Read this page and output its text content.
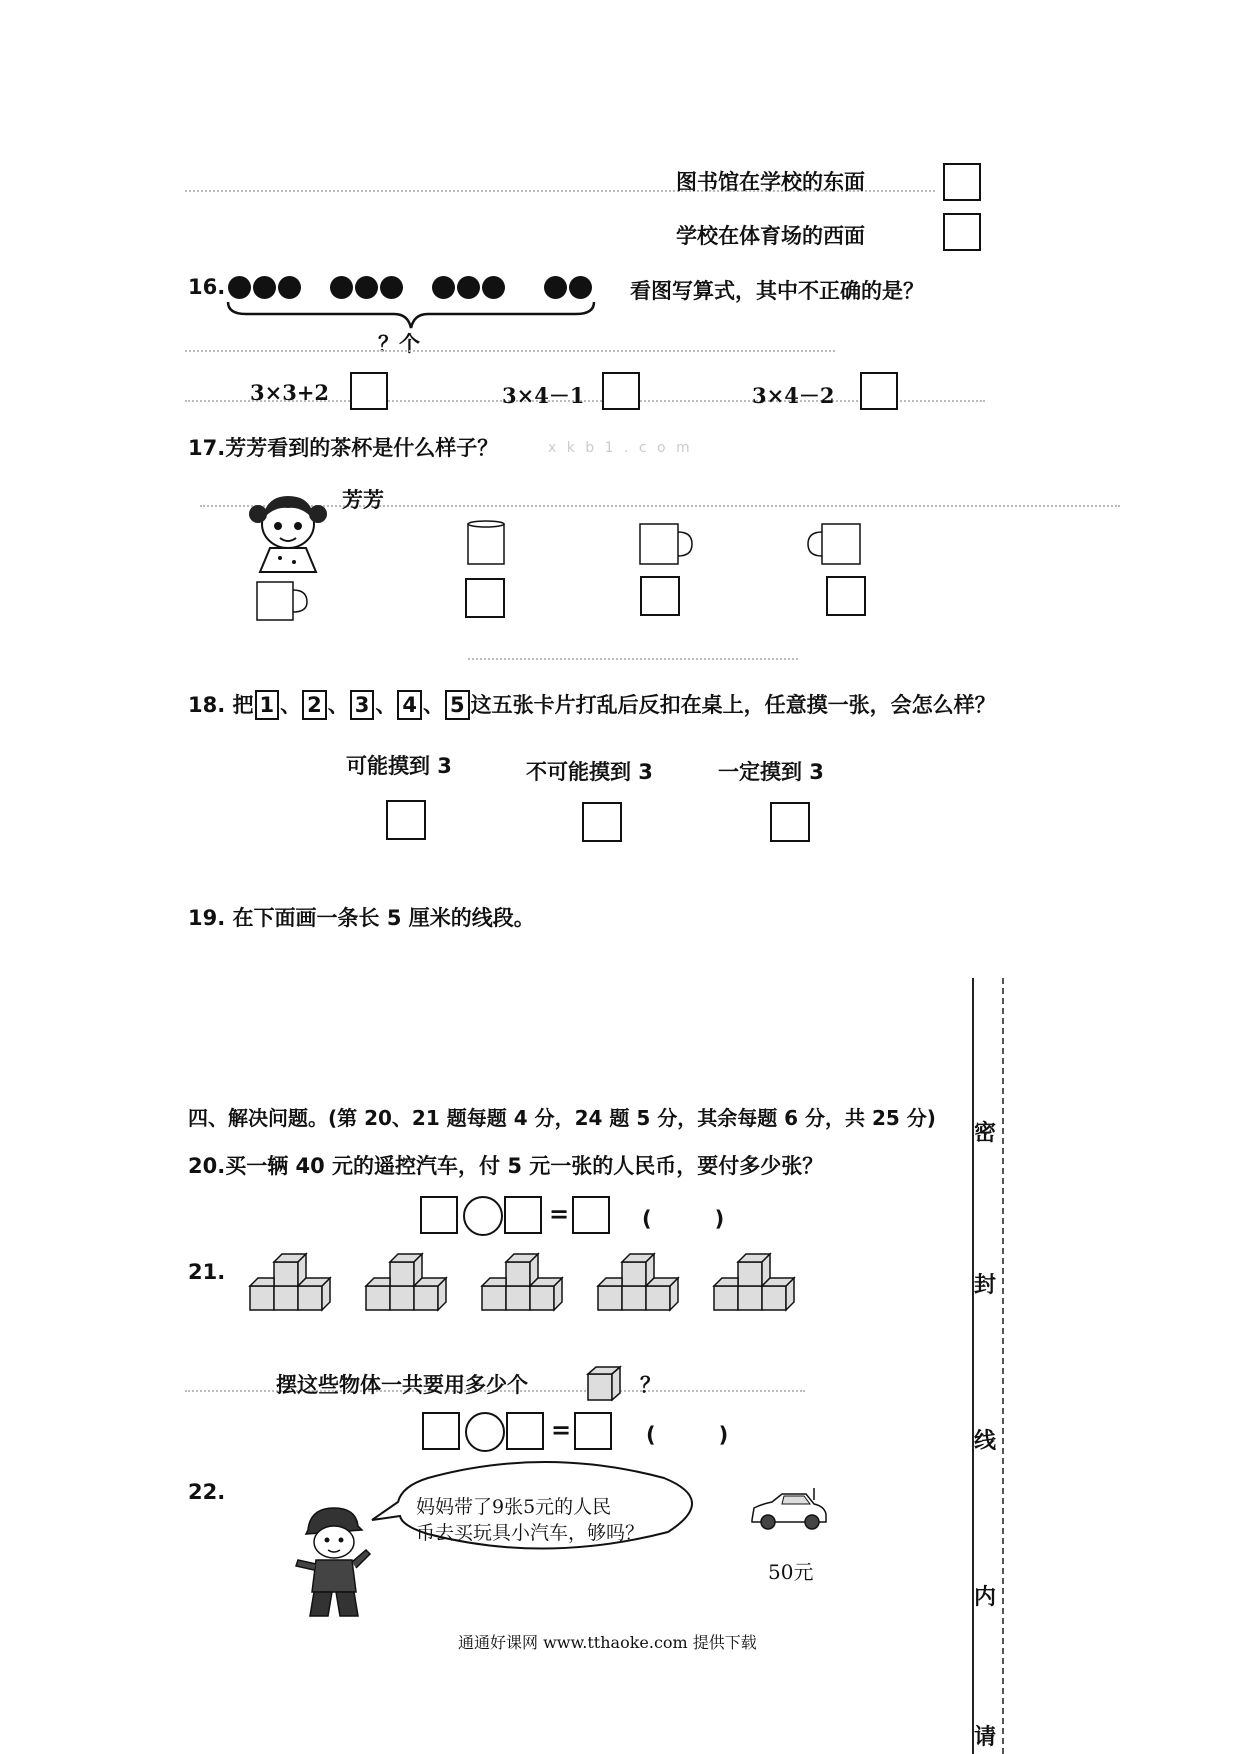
图书馆在学校的东面
学校在体育场的西面
16.
？个
看图写算式，其中不正确的是？
3×3+2	3×4－1	3×4－2
17.芳芳看到的茶杯是什么样子？	x k b 1 . c o m
芳芳
18. 把 1 、 2 、 3 、 4 、 5 这五张卡片打乱后反扣在桌上，任意摸一张，会怎么样？
可能摸到 3	不可能摸到 3	一定摸到 3
19. 在下面画一条长 5 厘米的线段。
四、解决问题。(第 20、21 题每题 4 分，24 题 5 分，其余每题 6 分，共 25 分)
20.买一辆 40 元的遥控汽车，付 5 元一张的人民币，要付多少张？
=	(　　　)
21.
摆这些物体一共要用多少个	？
=	(　　　)
22.
妈妈带了9张5元的人民
币去买玩具小汽车，够吗？
50元
通通好课网 www.tthaoke.com 提供下载
密
封
线
内
请
